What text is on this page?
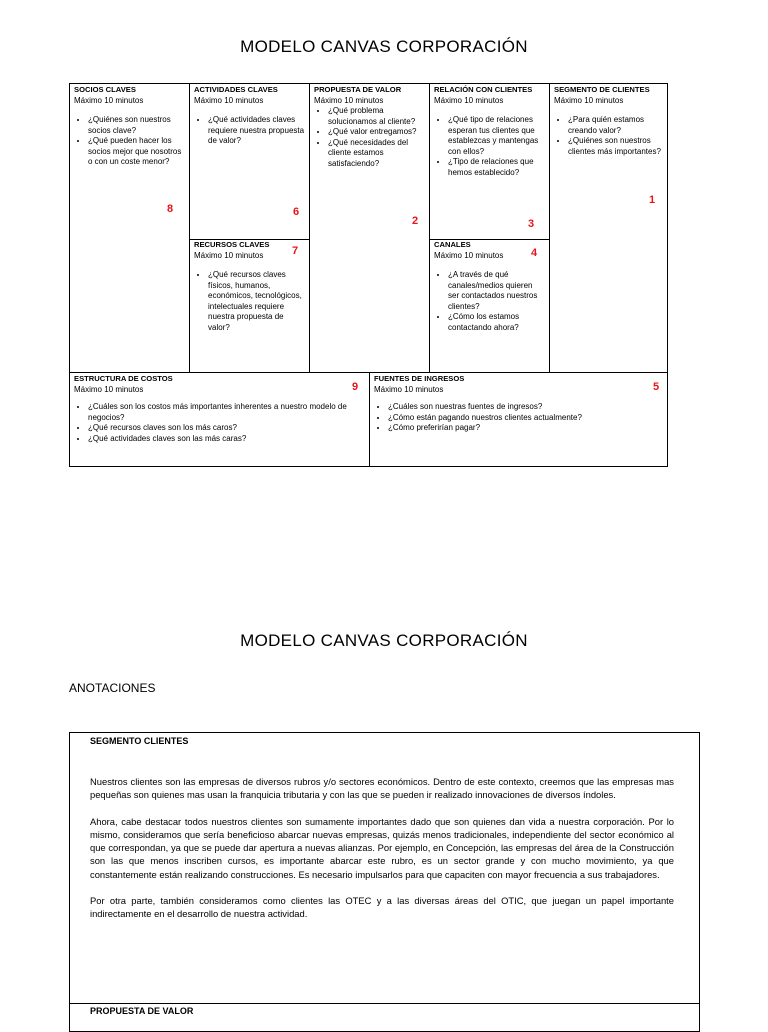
MODELO CANVAS CORPORACIÓN
SOCIOS CLAVES
Máximo 10 minutos
• ¿Quiénes son nuestros socios clave?
• ¿Qué pueden hacer los socios mejor que nosotros o con un coste menor?
8
ACTIVIDADES CLAVES
Máximo 10 minutos
• ¿Qué actividades claves requiere nuestra propuesta de valor?
6
RECURSOS CLAVES
Máximo 10 minutos
• ¿Qué recursos claves físicos, humanos, económicos, tecnológicos, intelectuales requiere nuestra propuesta de valor?
7
PROPUESTA DE VALOR
Máximo 10 minutos
• ¿Qué problema solucionamos al cliente?
• ¿Qué valor entregamos?
• ¿Qué necesidades del cliente estamos satisfaciendo?
2
RELACIÓN CON CLIENTES
Máximo 10 minutos
• ¿Qué tipo de relaciones esperan tus clientes que establezcas y mantengas con ellos?
• ¿Tipo de relaciones que hemos establecido?
3
CANALES
Máximo 10 minutos
• ¿A través de qué canales/medios quieren ser contactados nuestros clientes?
• ¿Cómo los estamos contactando ahora?
4
SEGMENTO DE CLIENTES
Máximo 10 minutos
• ¿Para quién estamos creando valor?
• ¿Quiénes son nuestros clientes más importantes?
1
ESTRUCTURA DE COSTOS
Máximo 10 minutos
• ¿Cuáles son los costos más importantes inherentes a nuestro modelo de negocios?
• ¿Qué recursos claves son los más caros?
• ¿Qué actividades claves son las más caras?
9
FUENTES DE INGRESOS
Máximo 10 minutos
• ¿Cuáles son nuestras fuentes de ingresos?
• ¿Cómo están pagando nuestros clientes actualmente?
• ¿Cómo preferirían pagar?
5
MODELO CANVAS CORPORACIÓN
ANOTACIONES
SEGMENTO CLIENTES

Nuestros clientes son las empresas de diversos rubros y/o sectores económicos. Dentro de este contexto, creemos que las empresas mas pequeñas son quienes mas usan la franquicia tributaria y con las que se pueden ir realizado innovaciones de diversos índoles.

Ahora, cabe destacar todos nuestros clientes son sumamente importantes dado que son quienes dan vida a nuestra corporación. Por lo mismo, consideramos que sería beneficioso abarcar nuevas empresas, quizás menos tradicionales, independiente del sector económico al que correspondan, ya que se puede dar apertura a nuevas alianzas. Por ejemplo, en Concepción, las empresas del área de la Construcción son las que menos inscriben cursos, es importante abarcar este rubro, es un sector grande y con mucho movimiento, ya que constantemente están realizando construcciones. Es necesario impulsarlos para que capaciten con mayor frecuencia a sus trabajadores.

Por otra parte, también consideramos como clientes las OTEC y a las diversas áreas del OTIC, que juegan un papel importante indirectamente en el desarrollo de nuestra actividad.

PROPUESTA DE VALOR
